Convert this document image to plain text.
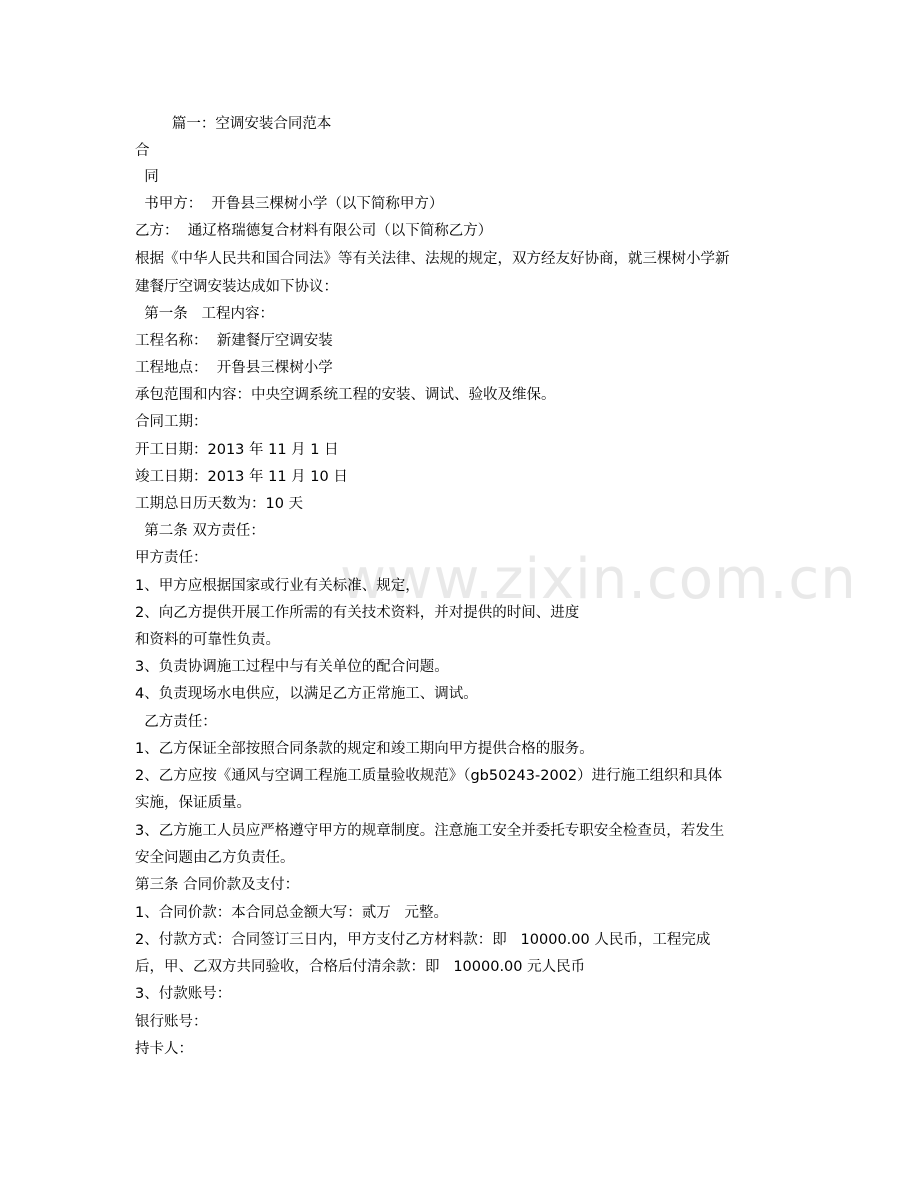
www.zixin.com.cn
篇一：空调安装合同范本
合
同
书甲方：  开鲁县三棵树小学（以下简称甲方）
乙方：  通辽格瑞德复合材料有限公司（以下简称乙方）
根据《中华人民共和国合同法》等有关法律、法规的规定，双方经友好协商，就三棵树小学新
建餐厅空调安装达成如下协议：
第一条   工程内容：
工程名称：  新建餐厅空调安装
工程地点：  开鲁县三棵树小学
承包范围和内容：中央空调系统工程的安装、调试、验收及维保。
合同工期：
开工日期：2013 年 11 月 1 日
竣工日期：2013 年 11 月 10 日
工期总日历天数为：10 天
第二条 双方责任：
甲方责任：
1、甲方应根据国家或行业有关标准、规定，
2、向乙方提供开展工作所需的有关技术资料，并对提供的时间、进度
和资料的可靠性负责。
3、负责协调施工过程中与有关单位的配合问题。
4、负责现场水电供应，以满足乙方正常施工、调试。
乙方责任：
1、乙方保证全部按照合同条款的规定和竣工期向甲方提供合格的服务。
2、乙方应按《通风与空调工程施工质量验收规范》（gb50243-2002）进行施工组织和具体
实施，保证质量。
3、乙方施工人员应严格遵守甲方的规章制度。注意施工安全并委托专职安全检查员，若发生
安全问题由乙方负责任。
第三条 合同价款及支付：
1、合同价款：本合同总金额大写：贰万   元整。
2、付款方式：合同签订三日内，甲方支付乙方材料款：即   10000.00 人民币，工程完成
后，甲、乙双方共同验收，合格后付清余款：即   10000.00 元人民币
3、付款账号：
银行账号：
持卡人：
